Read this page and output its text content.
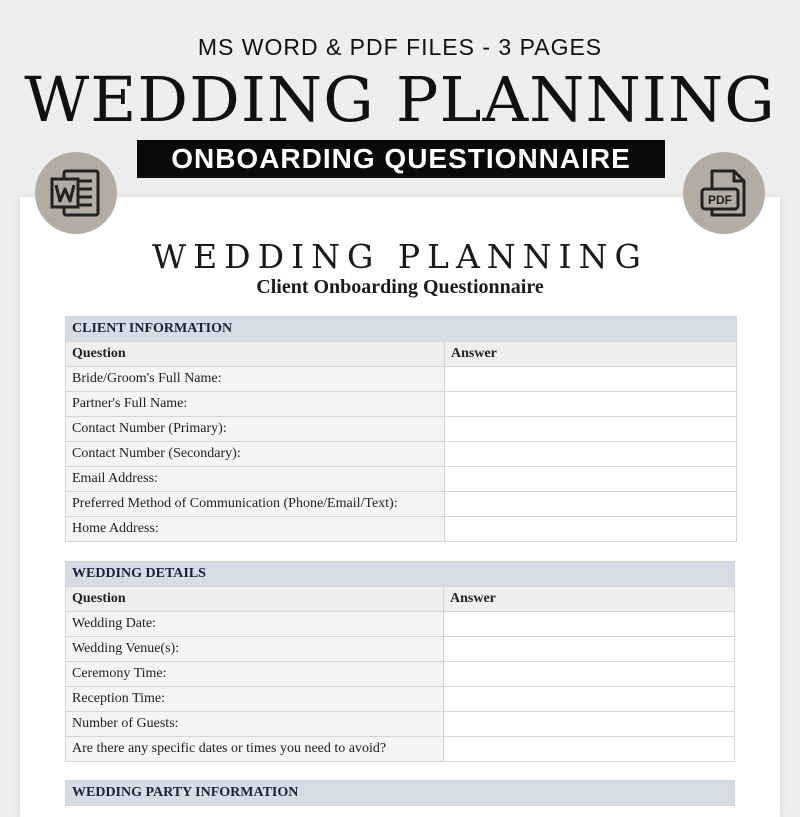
MS WORD & PDF FILES - 3 PAGES
WEDDING PLANNING
ONBOARDING QUESTIONNAIRE
PDF
WEDDING PLANNING
Client Onboarding Questionnaire
CLIENT INFORMATION	
Question	Answer
Bride/Groom's Full Name:	
Partner's Full Name:	
Contact Number (Primary):	
Contact Number (Secondary):	
Email Address:	
Preferred Method of Communication (Phone/Email/Text):	
Home Address:	
WEDDING DETAILS	
Question	Answer
Wedding Date:	
Wedding Venue(s):	
Ceremony Time:	
Reception Time:	
Number of Guests:	
Are there any specific dates or times you need to avoid?	
WEDDING PARTY INFORMATION
